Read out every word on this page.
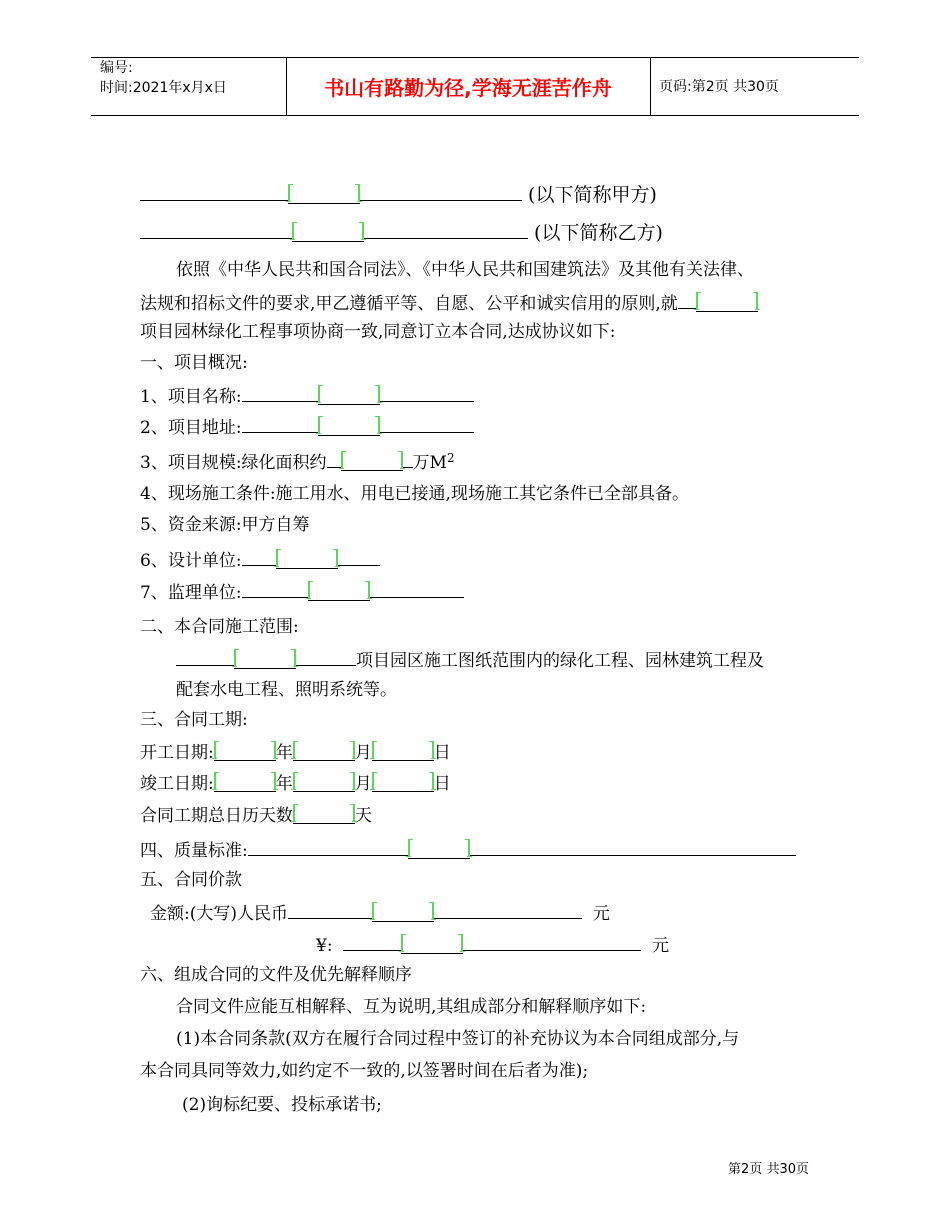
编号:
时间:2021年x月x日	书山有路勤为径,学海无涯苦作舟	页码:第2页 共30页
(以下简称甲方)
(以下简称乙方)
依照《中华人民共和国合同法》、《中华人民共和国建筑法》及其他有关法律、
法规和招标文件的要求,甲乙遵循平等、自愿、公平和诚实信用的原则,就
项目园林绿化工程事项协商一致,同意订立本合同,达成协议如下:
一、项目概况:
1、项目名称:
2、项目地址:
3、项目规模:绿化面积约	万$M^2$
4、现场施工条件:施工用水、用电已接通,现场施工其它条件已全部具备。
5、资金来源:甲方自筹
6、设计单位:
7、监理单位:
二、本合同施工范围:
项目园区施工图纸范围内的绿化工程、园林建筑工程及
配套水电工程、照明系统等。
三、合同工期:
开工日期:	年	月	日
竣工日期:	年	月	日
合同工期总日历天数	天
四、质量标准:
五、合同价款
金额:(大写)人民币	元
¥:	元
六、组成合同的文件及优先解释顺序
合同文件应能互相解释、互为说明,其组成部分和解释顺序如下:
(1)本合同条款(双方在履行合同过程中签订的补充协议为本合同组成部分,与
本合同具同等效力,如约定不一致的,以签署时间在后者为准);
(2)询标纪要、投标承诺书;
第2页 共30页
